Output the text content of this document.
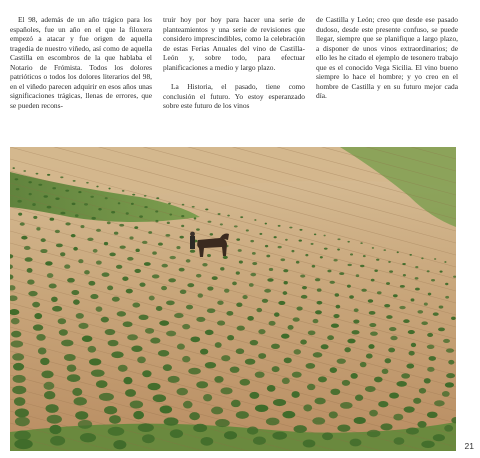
El 98, además de un año trágico para los españoles, fue un año en el que la filoxera empezó a atacar y fue origen de aquella tragedia de nuestro viñedo, así como de aquella Castilla en escombros de la que hablaba el Notario de Frómista. Todos los dolores patrióticos o todos los dolores literarios del 98, en el viñedo parecen adquirir en esos años unas significaciones trágicas, llenas de errores, que se pueden recons-

truir hoy por hoy para hacer una serie de planteamientos y una serie de revisiones que considero imprescindibles, como la celebración de estas Ferias Anuales del vino de Castilla-León y, sobre todo, para efectuar planificaciones a medio y largo plazo.

La Historia, el pasado, tiene como conclusión el futuro. Yo estoy esperanzado sobre este futuro de los vinos

de Castilla y León; creo que desde ese pasado dudoso, desde este presente confuso, se puede llegar, siempre que se planifique a largo plazo, a disponer de unos vinos extraordinarios; de ello les he citado el ejemplo de tesonero trabajo que es el conocido Vega Sicilia. El vino bueno siempre lo hace el hombre; y yo creo en el hombre de Castilla y en su futuro mejor cada día.

21
